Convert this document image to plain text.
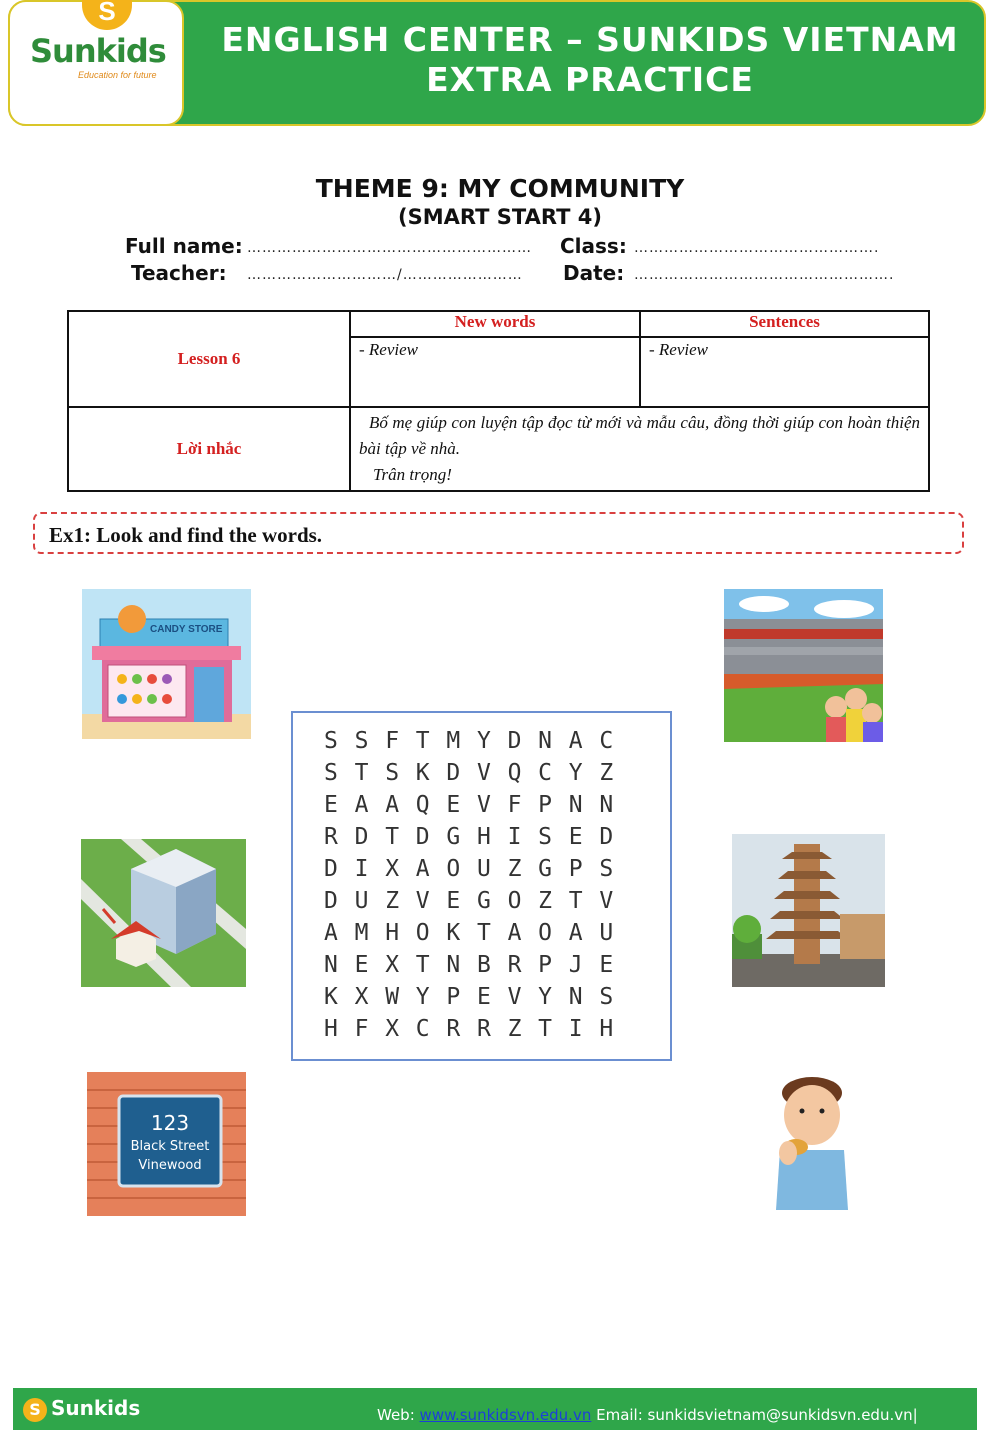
S
Sunkids
Education for future
ENGLISH CENTER – SUNKIDS VIETNAM
EXTRA PRACTICE
THEME 9: MY COMMUNITY
(SMART START 4)
Full name: ………………………………………………… Class: ………………………………………….
Teacher: …………………………/…………………… Date: …………………………………………….
Lesson 6	New words	Sentences
	- Review	- Review
Lời nhắc	Bố mẹ giúp con luyện tập đọc từ mới và mẫu câu, đồng thời giúp con hoàn thiện bài tập về nhà.
Trân trọng!	
Ex1: Look and find the words.
CANDY STORE
S S F T M Y D N A C
S T S K D V Q C Y Z
E A A Q E V F P N N
R D T D G H I S E D
D I X A O U Z G P S
D U Z V E G O Z T V
A M H O K T A O A U
N E X T N B R P J E
K X W Y P E V Y N S
H F X C R R Z T I H
123
Black Street
Vinewood
S Sunkids	Web: www.sunkidsvn.edu.vn Email: sunkidsvietnam@sunkidsvn.edu.vn|
